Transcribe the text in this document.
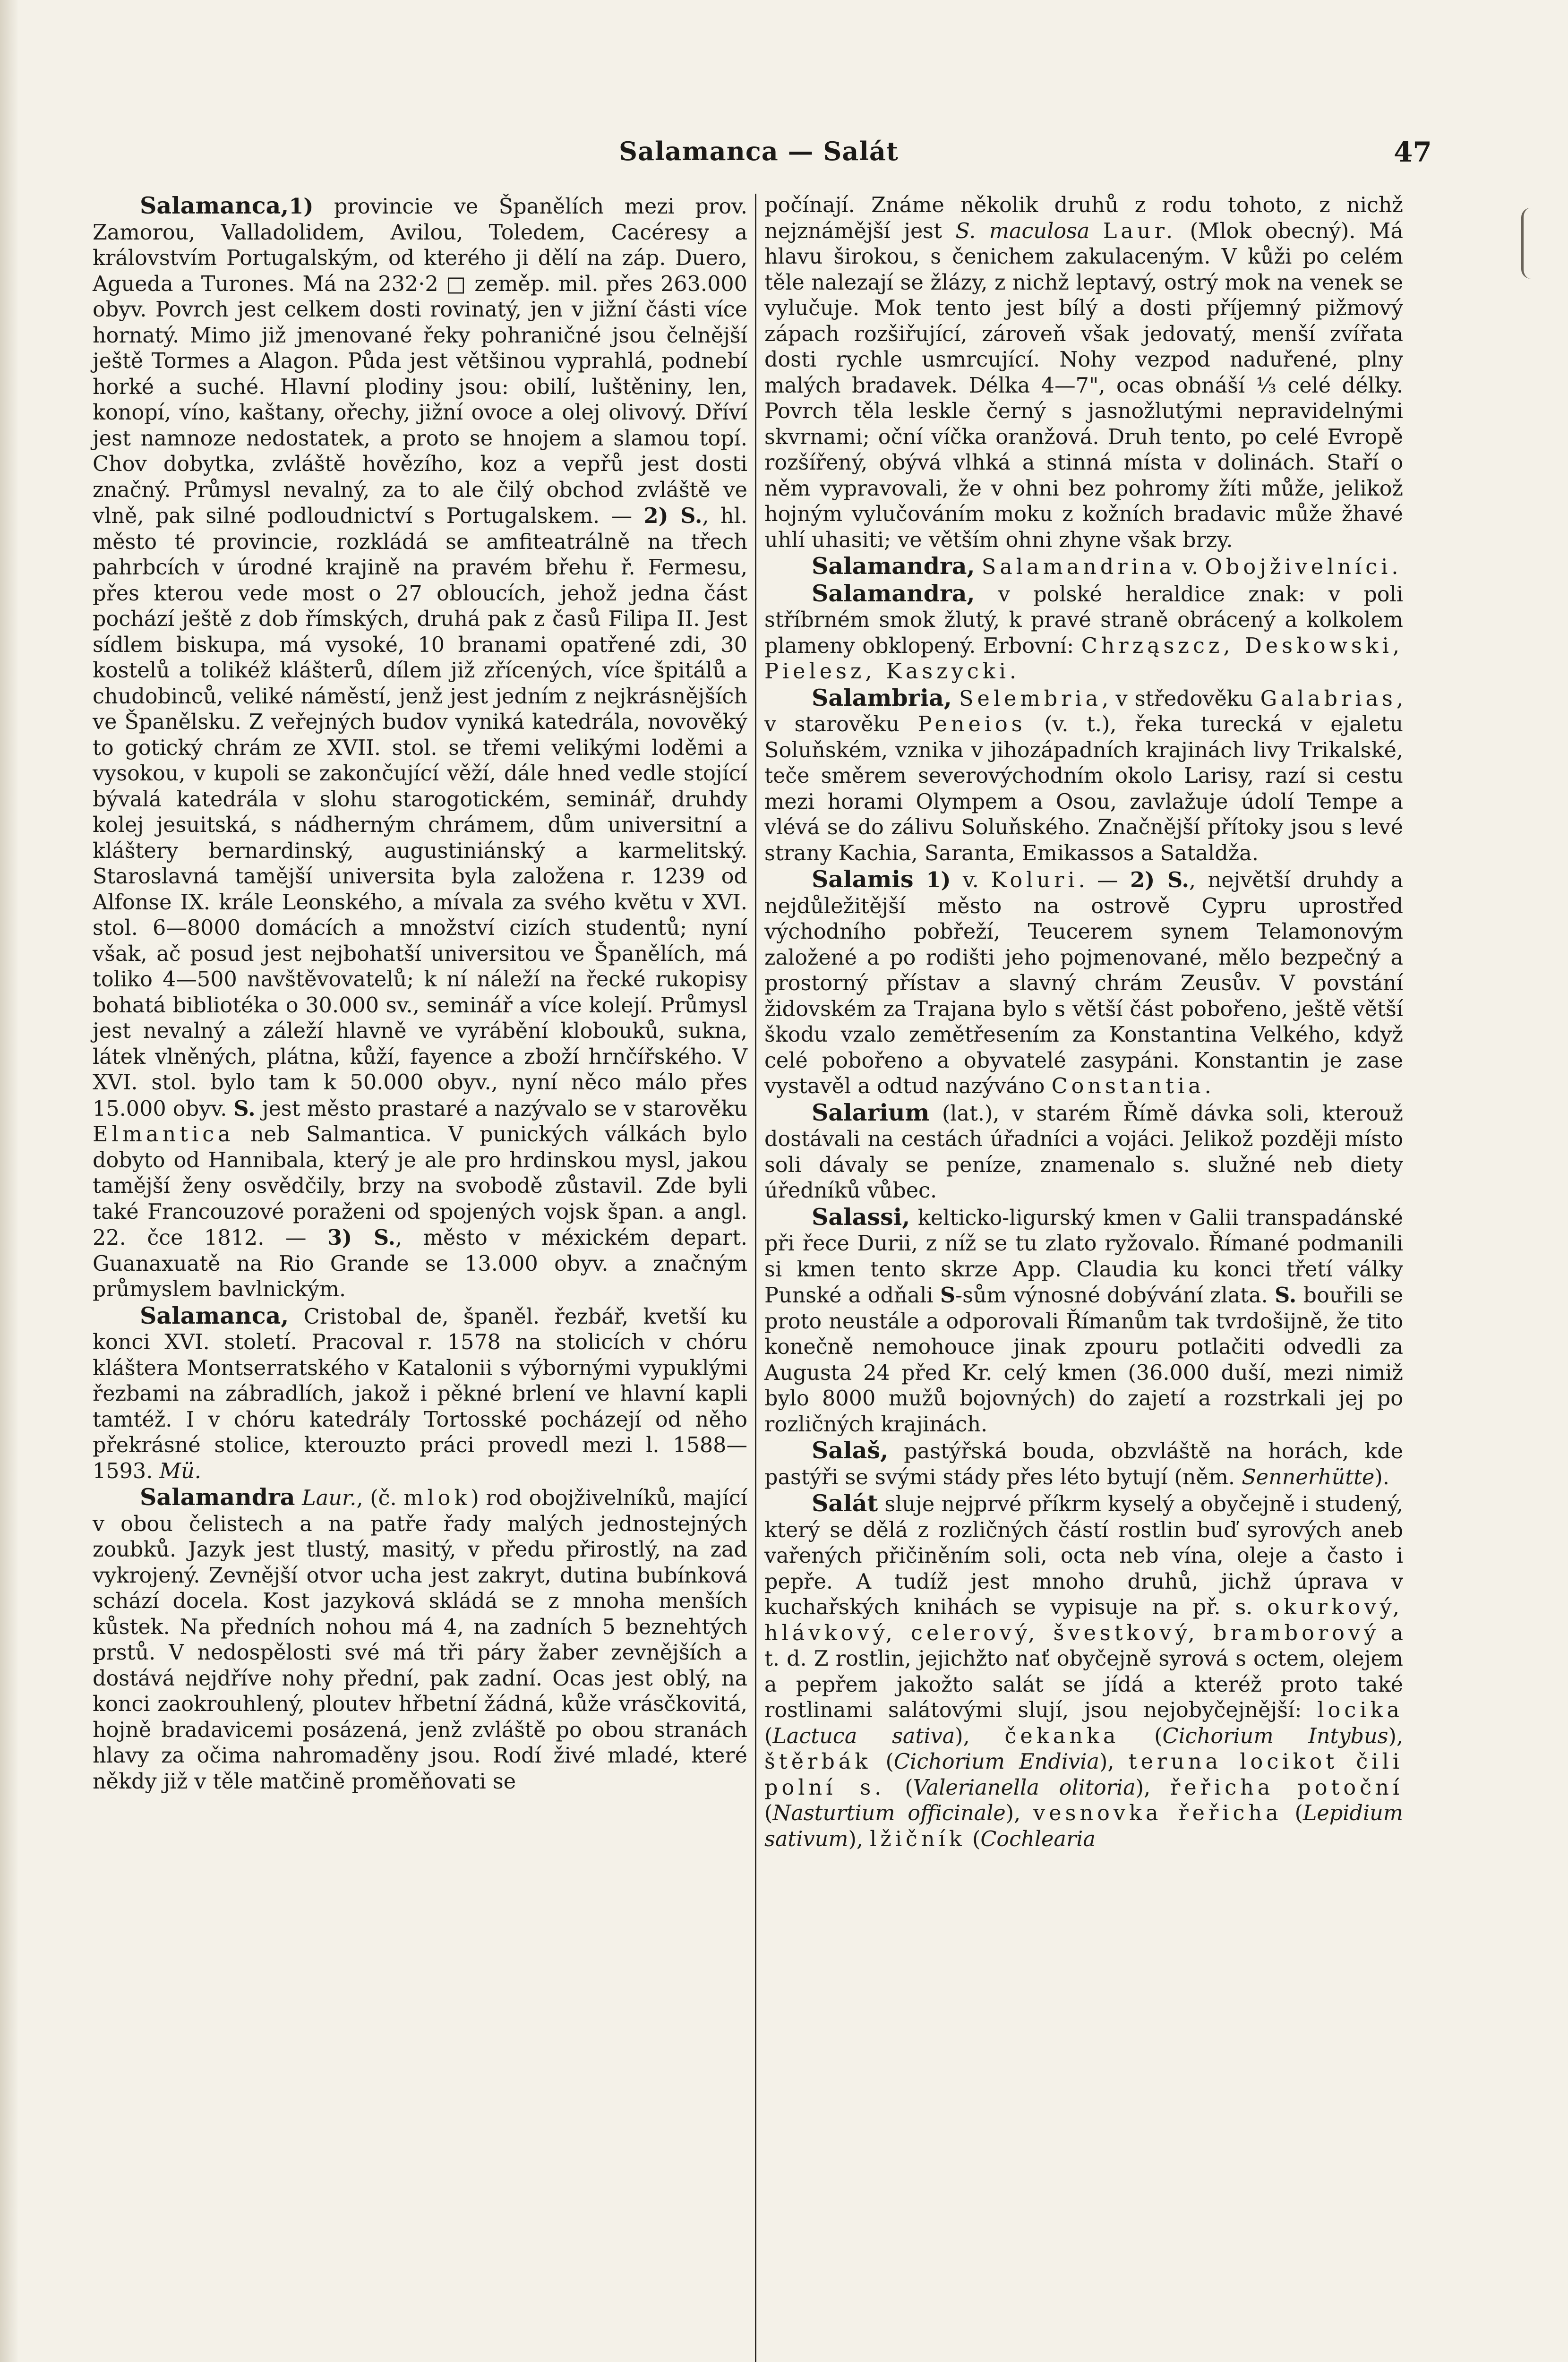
Salamanca — Salát	47

Salamanca,1) provincie ve Španělích mezi prov. Zamorou, Valladolidem, Avilou, Toledem, Cacéresy a královstvím Portugalským, od kterého ji dělí na záp. Duero, Agueda a Turones. Má na 232·2 □ zeměp. mil. přes 263.000 obyv. Povrch jest celkem dosti rovinatý, jen v jižní části více hornatý. Mimo již jmenované řeky pohraničné jsou čelnější ještě Tormes a Alagon. Půda jest většinou vyprahlá, podnebí horké a suché. Hlavní plodiny jsou: obilí, luštěniny, len, konopí, víno, kaštany, ořechy, jižní ovoce a olej olivový. Dříví jest namnoze nedostatek, a proto se hnojem a slamou topí. Chov dobytka, zvláště hovězího, koz a vepřů jest dosti značný. Průmysl nevalný, za to ale čilý obchod zvláště ve vlně, pak silné podloudnictví s Portugalskem. — 2) S., hl. město té provincie, rozkládá se amfiteatrálně na třech pahrbcích v úrodné krajině na pravém břehu ř. Fermesu, přes kterou vede most o 27 obloucích, jehož jedna část pochází ještě z dob římských, druhá pak z časů Filipa II. Jest sídlem biskupa, má vysoké, 10 branami opatřené zdi, 30 kostelů a tolikéž klášterů, dílem již zřícených, více špitálů a chudobinců, veliké náměstí, jenž jest jedním z nejkrásnějších ve Španělsku. Z veřejných budov vyniká katedrála, novověký to gotický chrám ze XVII. stol. se třemi velikými loděmi a vysokou, v kupoli se zakončující věží, dále hned vedle stojící bývalá katedrála v slohu starogotickém, seminář, druhdy kolej jesuitská, s nádherným chrámem, dům universitní a kláštery bernardinský, augustiniánský a karmelitský. Staroslavná tamější universita byla založena r. 1239 od Alfonse IX. krále Leonského, a mívala za svého květu v XVI. stol. 6—8000 domácích a množství cizích studentů; nyní však, ač posud jest nejbohatší universitou ve Španělích, má toliko 4—500 navštěvovatelů; k ní náleží na řecké rukopisy bohatá bibliotéka o 30.000 sv., seminář a více kolejí. Průmysl jest nevalný a záleží hlavně ve vyrábění klobouků, sukna, látek vlněných, plátna, kůží, fayence a zboží hrnčířského. V XVI. stol. bylo tam k 50.000 obyv., nyní něco málo přes 15.000 obyv. S. jest město prastaré a nazývalo se v starověku Elmantica neb Salmantica. V punických válkách bylo dobyto od Hannibala, který je ale pro hrdinskou mysl, jakou tamější ženy osvědčily, brzy na svobodě zůstavil. Zde byli také Francouzové poraženi od spojených vojsk špan. a angl. 22. čce 1812. — 3) S., město v méxickém depart. Guanaxuatě na Rio Grande se 13.000 obyv. a značným průmyslem bavlnickým.

Salamanca, Cristobal de, španěl. řezbář, kvetší ku konci XVI. století. Pracoval r. 1578 na stolicích v chóru kláštera Montserratského v Katalonii s výbornými vypuklými řezbami na zábradlích, jakož i pěkné brlení ve hlavní kapli tamtéž. I v chóru katedrály Tortosské pocházejí od něho překrásné stolice, kterouzto práci provedl mezi l. 1588—1593. Mü.

Salamandra Laur., (č. mlok) rod obojživelníků, mající v obou čelistech a na patře řady malých jednostejných zoubků. Jazyk jest tlustý, masitý, v předu přirostlý, na zad vykrojený. Zevnější otvor ucha jest zakryt, dutina bubínková schází docela. Kost jazyková skládá se z mnoha menších kůstek. Na předních nohou má 4, na zadních 5 beznehtých prstů. V nedospělosti své má tři páry žaber zevnějších a dostává nejdříve nohy přední, pak zadní. Ocas jest oblý, na konci zaokrouhlený, ploutev hřbetní žádná, kůže vrásčkovitá, hojně bradavicemi posázená, jenž zvláště po obou stranách hlavy za očima nahromaděny jsou. Rodí živé mladé, které někdy již v těle matčině proměňovati se

počínají. Známe několik druhů z rodu tohoto, z nichž nejznámější jest S. maculosa Laur. (Mlok obecný). Má hlavu širokou, s čenichem zakulaceným. V kůži po celém těle nalezají se žlázy, z nichž leptavý, ostrý mok na venek se vylučuje. Mok tento jest bílý a dosti příjemný pižmový zápach rozšiřující, zároveň však jedovatý, menší zvířata dosti rychle usmrcující. Nohy vezpod naduřené, plny malých bradavek. Délka 4—7", ocas obnáší ⅓ celé délky. Povrch těla leskle černý s jasnožlutými nepravidelnými skvrnami; oční víčka oranžová. Druh tento, po celé Evropě rozšířený, obývá vlhká a stinná místa v dolinách. Staří o něm vypravovali, že v ohni bez pohromy žíti může, jelikož hojným vylučováním moku z kožních bradavic může žhavé uhlí uhasiti; ve větším ohni zhyne však brzy.

Salamandra, Salamandrina v. Obojživelníci.

Salamandra, v polské heraldice znak: v poli stříbrném smok žlutý, k pravé straně obrácený a kolkolem plameny obklopený. Erbovní: Chrząszcz, Deskowski, Pielesz, Kaszycki.

Salambria, Selembria, v středověku Galabrias, v starověku Peneios (v. t.), řeka turecká v ejaletu Soluňském, vznika v jihozápadních krajinách livy Trikalské, teče směrem severovýchodním okolo Larisy, razí si cestu mezi horami Olympem a Osou, zavlažuje údolí Tempe a vlévá se do zálivu Soluňského. Značnější přítoky jsou s levé strany Kachia, Saranta, Emikassos a Sataldža.

Salamis 1) v. Koluri. — 2) S., největší druhdy a nejdůležitější město na ostrově Cypru uprostřed východního pobřeží, Teucerem synem Telamonovým založené a po rodišti jeho pojmenované, mělo bezpečný a prostorný přístav a slavný chrám Zeusův. V povstání židovském za Trajana bylo s větší část pobořeno, ještě větší škodu vzalo zemětřesením za Konstantina Velkého, když celé pobořeno a obyvatelé zasypáni. Konstantin je zase vystavěl a odtud nazýváno Constantia.

Salarium (lat.), v starém Římě dávka soli, kterouž dostávali na cestách úřadníci a vojáci. Jelikož později místo soli dávaly se peníze, znamenalo s. služné neb diety úředníků vůbec.

Salassi, kelticko-ligurský kmen v Galii transpadánské při řece Durii, z níž se tu zlato ryžovalo. Římané podmanili si kmen tento skrze App. Claudia ku konci třetí války Punské a odňali S-sům výnosné dobývání zlata. S. bouřili se proto neustále a odporovali Římanům tak tvrdošijně, že tito konečně nemohouce jinak zpouru potlačiti odvedli za Augusta 24 před Kr. celý kmen (36.000 duší, mezi nimiž bylo 8000 mužů bojovných) do zajetí a rozstrkali jej po rozličných krajinách.

Salaš, pastýřská bouda, obzvláště na horách, kde pastýři se svými stády přes léto bytují (něm. Sennerhütte).

Salát sluje nejprvé příkrm kyselý a obyčejně i studený, který se dělá z rozličných částí rostlin buď syrových aneb vařených přičiněním soli, octa neb vína, oleje a často i pepře. A tudíž jest mnoho druhů, jichž úprava v kuchařských knihách se vypisuje na př. s. okurkový, hlávkový, celerový, švestkový, bramborový a t. d. Z rostlin, jejichžto nať obyčejně syrová s octem, olejem a pepřem jakožto salát se jídá a kteréž proto také rostlinami salátovými slují, jsou nejobyčejnější: locika (Lactuca sativa), čekanka (Cichorium Intybus), štěrbák (Cichorium Endivia), teruna locikot čili polní s. (Valerianella olitoria), řeřicha potoční (Nasturtium officinale), vesnovka řeřicha (Lepidium sativum), lžičník (Cochlearia
